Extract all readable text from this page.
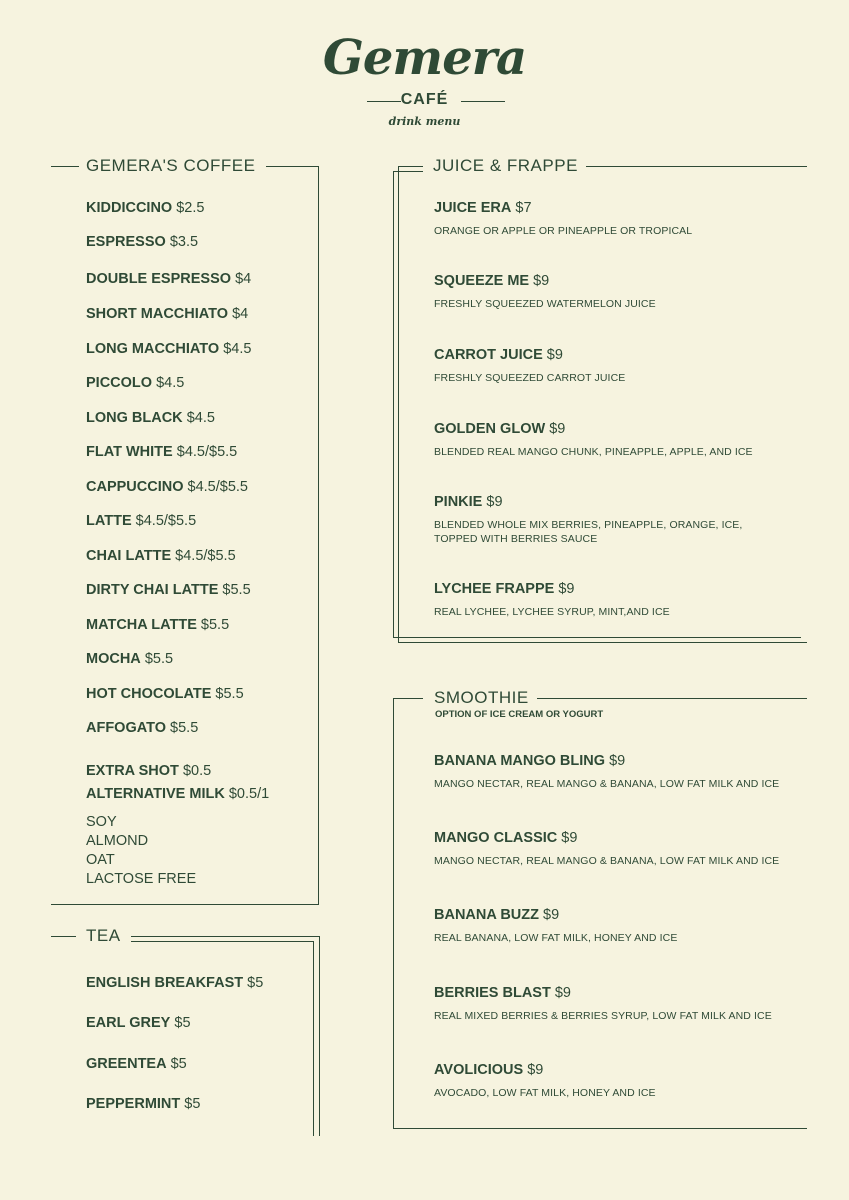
Gemera
CAFÉ
drink menu
GEMERA'S COFFEE
KIDDICCINO $2.5
ESPRESSO $3.5
DOUBLE ESPRESSO $4
SHORT MACCHIATO $4
LONG MACCHIATO $4.5
PICCOLO $4.5
LONG BLACK $4.5
FLAT WHITE $4.5/$5.5
CAPPUCCINO $4.5/$5.5
LATTE $4.5/$5.5
CHAI LATTE $4.5/$5.5
DIRTY CHAI LATTE $5.5
MATCHA LATTE $5.5
MOCHA $5.5
HOT CHOCOLATE $5.5
AFFOGATO $5.5
EXTRA SHOT $0.5
ALTERNATIVE MILK $0.5/1
SOY
ALMOND
OAT
LACTOSE FREE
TEA
ENGLISH BREAKFAST $5
EARL GREY $5
GREENTEA $5
PEPPERMINT $5
JUICE & FRAPPE
JUICE ERA $7
ORANGE OR APPLE OR PINEAPPLE OR TROPICAL
SQUEEZE ME $9
FRESHLY SQUEEZED WATERMELON JUICE
CARROT JUICE $9
FRESHLY SQUEEZED CARROT JUICE
GOLDEN GLOW $9
BLENDED REAL MANGO CHUNK, PINEAPPLE, APPLE, AND ICE
PINKIE $9
BLENDED WHOLE MIX BERRIES, PINEAPPLE, ORANGE, ICE,
TOPPED WITH BERRIES SAUCE
LYCHEE FRAPPE $9
REAL LYCHEE, LYCHEE SYRUP, MINT,AND ICE
SMOOTHIE
OPTION OF ICE CREAM OR YOGURT
BANANA MANGO BLING $9
MANGO NECTAR, REAL MANGO & BANANA, LOW FAT MILK AND ICE
MANGO CLASSIC $9
MANGO NECTAR, REAL MANGO & BANANA, LOW FAT MILK AND ICE
BANANA BUZZ $9
REAL BANANA, LOW FAT MILK, HONEY AND ICE
BERRIES BLAST $9
REAL MIXED BERRIES & BERRIES SYRUP, LOW FAT MILK AND ICE
AVOLICIOUS $9
AVOCADO, LOW FAT MILK, HONEY AND ICE
